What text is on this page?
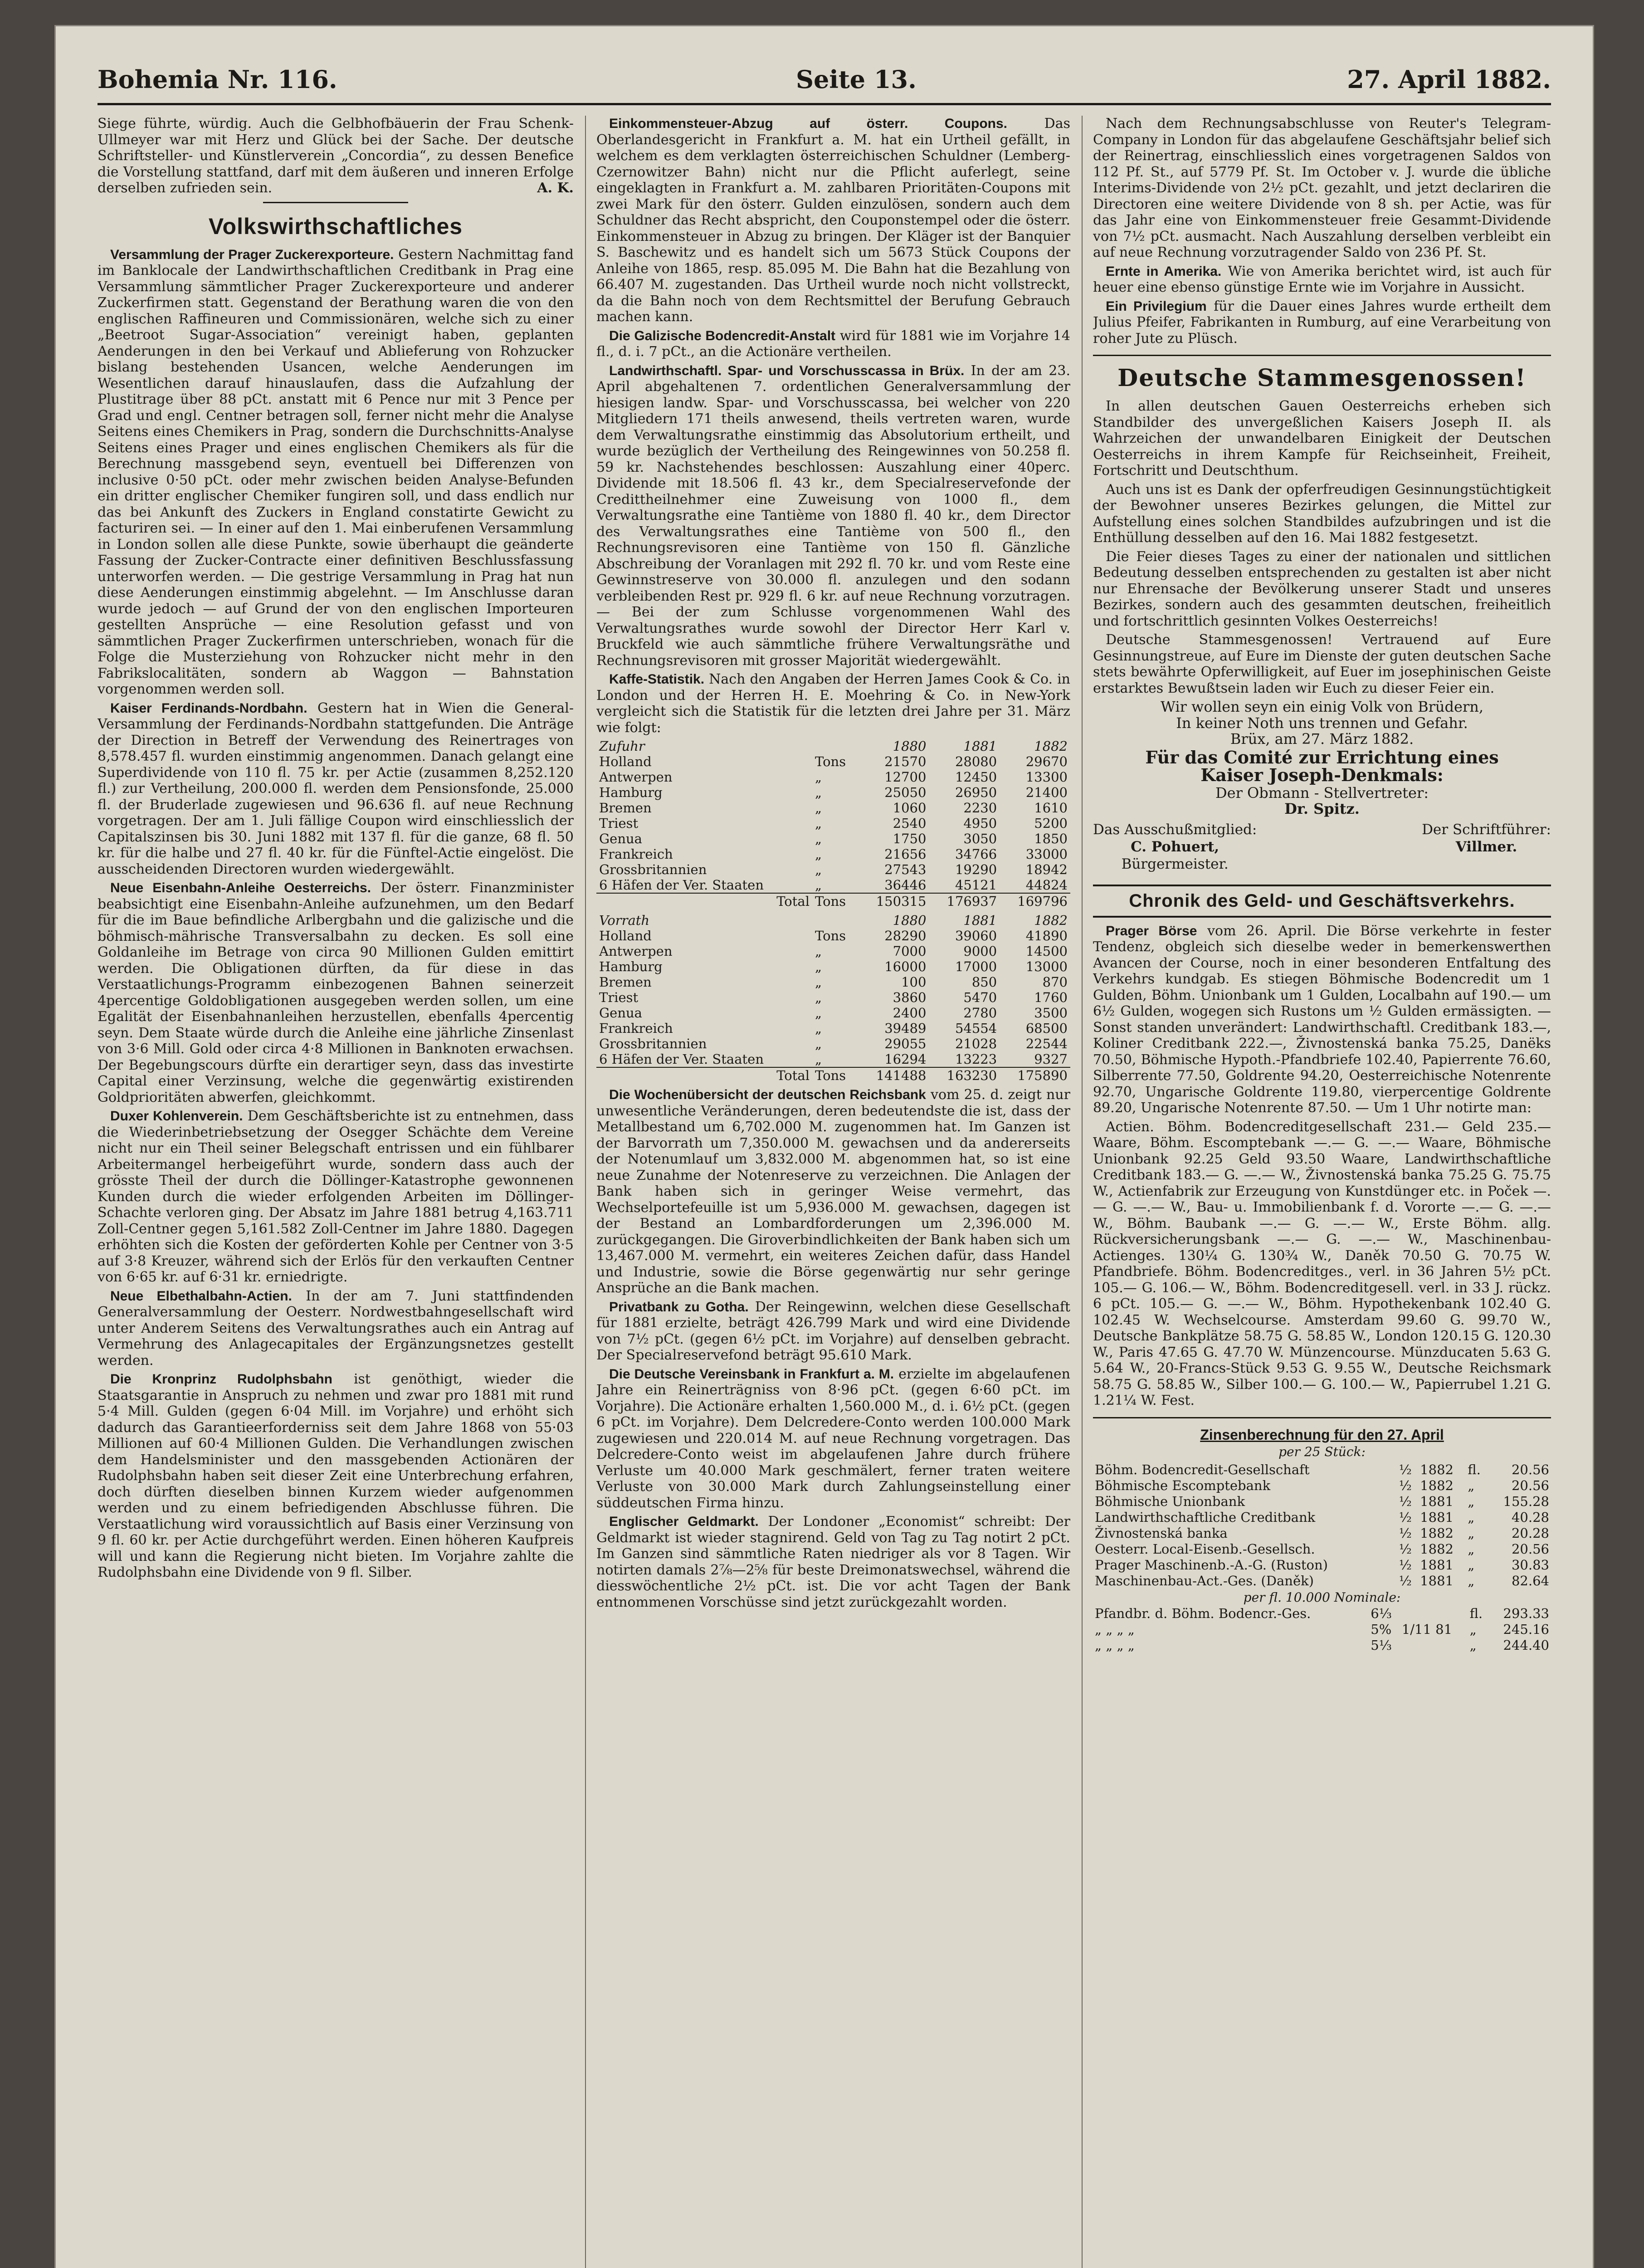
Bohemia Nr. 116.	Seite 13.	27. April 1882.

Siege führte, würdig. Auch die Gelbhofbäuerin der Frau Schenk-Ullmeyer war mit Herz und Glück bei der Sache. Der deutsche Schriftsteller- und Künstlerverein „Concordia“, zu dessen Benefice die Vorstellung stattfand, darf mit dem äußeren und inneren Erfolge derselben zufrieden sein.	A. K.

Volkswirthschaftliches

Versammlung der Prager Zuckerexporteure. Gestern Nachmittag fand im Banklocale der Landwirthschaftlichen Creditbank in Prag eine Versammlung sämmtlicher Prager Zuckerexporteure und anderer Zuckerfirmen statt. Gegenstand der Berathung waren die von den englischen Raffineuren und Commissionären, welche sich zu einer „Beetroot Sugar-Association“ vereinigt haben, geplanten Aenderungen in den bei Verkauf und Ablieferung von Rohzucker bislang bestehenden Usancen, welche Aenderungen im Wesentlichen darauf hinauslaufen, dass die Aufzahlung der Plustitrage über 88 pCt. anstatt mit 6 Pence nur mit 3 Pence per Grad und engl. Centner betragen soll, ferner nicht mehr die Analyse Seitens eines Chemikers in Prag, sondern die Durchschnitts-Analyse Seitens eines Prager und eines englischen Chemikers als für die Berechnung massgebend seyn, eventuell bei Differenzen von inclusive 0·50 pCt. oder mehr zwischen beiden Analyse-Befunden ein dritter englischer Chemiker fungiren soll, und dass endlich nur das bei Ankunft des Zuckers in England constatirte Gewicht zu facturiren sei. — In einer auf den 1. Mai einberufenen Versammlung in London sollen alle diese Punkte, sowie überhaupt die geänderte Fassung der Zucker-Contracte einer definitiven Beschlussfassung unterworfen werden. — Die gestrige Versammlung in Prag hat nun diese Aenderungen einstimmig abgelehnt. — Im Anschlusse daran wurde jedoch — auf Grund der von den englischen Importeuren gestellten Ansprüche — eine Resolution gefasst und von sämmtlichen Prager Zuckerfirmen unterschrieben, wonach für die Folge die Musterziehung von Rohzucker nicht mehr in den Fabrikslocalitäten, sondern ab Waggon — Bahnstation vorgenommen werden soll.

Kaiser Ferdinands-Nordbahn. Gestern hat in Wien die General-Versammlung der Ferdinands-Nordbahn stattgefunden. Die Anträge der Direction in Betreff der Verwendung des Reinertrages von 8,578.457 fl. wurden einstimmig angenommen. Danach gelangt eine Superdividende von 110 fl. 75 kr. per Actie (zusammen 8,252.120 fl.) zur Vertheilung, 200.000 fl. werden dem Pensionsfonde, 25.000 fl. der Bruderlade zugewiesen und 96.636 fl. auf neue Rechnung vorgetragen. Der am 1. Juli fällige Coupon wird einschliesslich der Capitalszinsen bis 30. Juni 1882 mit 137 fl. für die ganze, 68 fl. 50 kr. für die halbe und 27 fl. 40 kr. für die Fünftel-Actie eingelöst. Die ausscheidenden Directoren wurden wiedergewählt.

Neue Eisenbahn-Anleihe Oesterreichs. Der österr. Finanzminister beabsichtigt eine Eisenbahn-Anleihe aufzunehmen, um den Bedarf für die im Baue befindliche Arlbergbahn und die galizische und die böhmisch-mährische Transversalbahn zu decken. Es soll eine Goldanleihe im Betrage von circa 90 Millionen Gulden emittirt werden. Die Obligationen dürften, da für diese in das Verstaatlichungs-Programm einbezogenen Bahnen seinerzeit 4percentige Goldobligationen ausgegeben werden sollen, um eine Egalität der Eisenbahnanleihen herzustellen, ebenfalls 4percentig seyn. Dem Staate würde durch die Anleihe eine jährliche Zinsenlast von 3·6 Mill. Gold oder circa 4·8 Millionen in Banknoten erwachsen. Der Begebungscours dürfte ein derartiger seyn, dass das investirte Capital einer Verzinsung, welche die gegenwärtig existirenden Goldprioritäten abwerfen, gleichkommt.

Duxer Kohlenverein. Dem Geschäftsberichte ist zu entnehmen, dass die Wiederinbetriebsetzung der Osegger Schächte dem Vereine nicht nur ein Theil seiner Belegschaft entrissen und ein fühlbarer Arbeitermangel herbeigeführt wurde, sondern dass auch der grösste Theil der durch die Döllinger-Katastrophe gewonnenen Kunden durch die wieder erfolgenden Arbeiten im Döllinger-Schachte verloren ging. Der Absatz im Jahre 1881 betrug 4,163.711 Zoll-Centner gegen 5,161.582 Zoll-Centner im Jahre 1880. Dagegen erhöhten sich die Kosten der geförderten Kohle per Centner von 3·5 auf 3·8 Kreuzer, während sich der Erlös für den verkauften Centner von 6·65 kr. auf 6·31 kr. erniedrigte.

Neue Elbethalbahn-Actien. In der am 7. Juni stattfindenden Generalversammlung der Oesterr. Nordwestbahngesellschaft wird unter Anderem Seitens des Verwaltungsrathes auch ein Antrag auf Vermehrung des Anlagecapitales der Ergänzungsnetzes gestellt werden.

Die Kronprinz Rudolphsbahn ist genöthigt, wieder die Staatsgarantie in Anspruch zu nehmen und zwar pro 1881 mit rund 5·4 Mill. Gulden (gegen 6·04 Mill. im Vorjahre) und erhöht sich dadurch das Garantieerforderniss seit dem Jahre 1868 von 55·03 Millionen auf 60·4 Millionen Gulden. Die Verhandlungen zwischen dem Handelsminister und den massgebenden Actionären der Rudolphsbahn haben seit dieser Zeit eine Unterbrechung erfahren, doch dürften dieselben binnen Kurzem wieder aufgenommen werden und zu einem befriedigenden Abschlusse führen. Die Verstaatlichung wird voraussichtlich auf Basis einer Verzinsung von 9 fl. 60 kr. per Actie durchgeführt werden. Einen höheren Kaufpreis will und kann die Regierung nicht bieten. Im Vorjahre zahlte die Rudolphsbahn eine Dividende von 9 fl. Silber.

Einkommensteuer-Abzug auf österr. Coupons.	Das Oberlandesgericht in Frankfurt a. M. hat ein Urtheil gefällt, in welchem es dem verklagten österreichischen Schuldner (Lemberg-Czernowitzer Bahn) nicht nur die Pflicht auferlegt, seine eingeklagten in Frankfurt a. M. zahlbaren Prioritäten-Coupons mit zwei Mark für den österr. Gulden einzulösen, sondern auch dem Schuldner das Recht abspricht, den Couponstempel oder die österr. Einkommensteuer in Abzug zu bringen. Der Kläger ist der Banquier S. Baschewitz und es handelt sich um 5673 Stück Coupons der Anleihe von 1865, resp. 85.095 M. Die Bahn hat die Bezahlung von 66.407 M. zugestanden. Das Urtheil wurde noch nicht vollstreckt, da die Bahn noch von dem Rechtsmittel der Berufung Gebrauch machen kann.

Die Galizische Bodencredit-Anstalt wird für 1881 wie im Vorjahre 14 fl., d. i. 7 pCt., an die Actionäre vertheilen.

Landwirthschaftl. Spar- und Vorschusscassa in Brüx. In der am 23. April abgehaltenen 7. ordentlichen Generalversammlung der hiesigen landw. Spar- und Vorschusscassa, bei welcher von 220 Mitgliedern 171 theils anwesend, theils vertreten waren, wurde dem Verwaltungsrathe einstimmig das Absolutorium ertheilt, und wurde bezüglich der Vertheilung des Reingewinnes von 50.258 fl. 59 kr. Nachstehendes beschlossen: Auszahlung einer 40perc. Dividende mit 18.506 fl. 43 kr., dem Specialreservefonde der Credittheilnehmer eine Zuweisung von 1000 fl., dem Verwaltungsrathe eine Tantième von 1880 fl. 40 kr., dem Director des Verwaltungsrathes eine Tantième von 500 fl., den Rechnungsrevisoren eine Tantième von 150 fl. Gänzliche Abschreibung der Voranlagen mit 292 fl. 70 kr. und vom Reste eine Gewinnstreserve von 30.000 fl. anzulegen und den sodann verbleibenden Rest pr. 929 fl. 6 kr. auf neue Rechnung vorzutragen. — Bei der zum Schlusse vorgenommenen Wahl des Verwaltungsrathes wurde sowohl der Director Herr Karl v. Bruckfeld wie auch sämmtliche frühere Verwaltungsräthe und Rechnungsrevisoren mit grosser Majorität wiedergewählt.

Kaffe-Statistik. Nach den Angaben der Herren James Cook & Co. in London und der Herren H. E. Moehring & Co. in New-York vergleicht sich die Statistik für die letzten drei Jahre per 31. März wie folgt:

Zufuhr		1880	1881	1882
Holland	Tons	21570	28080	29670
Antwerpen	„	12700	12450	13300
Hamburg	„	25050	26950	21400
Bremen	„	1060	2230	1610
Triest	„	2540	4950	5200
Genua	„	1750	3050	1850
Frankreich	„	21656	34766	33000
Grossbritannien	„	27543	19290	18942
6 Häfen der Ver. Staaten	„	36446	45121	44824
Total	Tons	150315	176937	169796
Vorrath		1880	1881	1882
Holland	Tons	28290	39060	41890
Antwerpen	„	7000	9000	14500
Hamburg	„	16000	17000	13000
Bremen	„	100	850	870
Triest	„	3860	5470	1760
Genua	„	2400	2780	3500
Frankreich	„	39489	54554	68500
Grossbritannien	„	29055	21028	22544
6 Häfen der Ver. Staaten	„	16294	13223	9327
Total	Tons	141488	163230	175890

Die Wochenübersicht der deutschen Reichsbank vom 25. d. zeigt nur unwesentliche Veränderungen, deren bedeutendste die ist, dass der Metallbestand um 6,702.000 M. zugenommen hat. Im Ganzen ist der Barvorrath um 7,350.000 M. gewachsen und da andererseits der Notenumlauf um 3,832.000 M. abgenommen hat, so ist eine neue Zunahme der Notenreserve zu verzeichnen. Die Anlagen der Bank haben sich in geringer Weise vermehrt, das Wechselportefeuille ist um 5,936.000 M. gewachsen, dagegen ist der Bestand an Lombardforderungen um 2,396.000 M. zurückgegangen. Die Giroverbindlichkeiten der Bank haben sich um 13,467.000 M. vermehrt, ein weiteres Zeichen dafür, dass Handel und Industrie, sowie die Börse gegenwärtig nur sehr geringe Ansprüche an die Bank machen.

Privatbank zu Gotha. Der Reingewinn, welchen diese Gesellschaft für 1881 erzielte, beträgt 426.799 Mark und wird eine Dividende von 7½ pCt. (gegen 6½ pCt. im Vorjahre) auf denselben gebracht. Der Specialreservefond beträgt 95.610 Mark.

Die Deutsche Vereinsbank in Frankfurt a. M. erzielte im abgelaufenen Jahre ein Reinerträgniss von 8·96 pCt. (gegen 6·60 pCt. im Vorjahre). Die Actionäre erhalten 1,560.000 M., d. i. 6½ pCt. (gegen 6 pCt. im Vorjahre). Dem Delcredere-Conto werden 100.000 Mark zugewiesen und 220.014 M. auf neue Rechnung vorgetragen. Das Delcredere-Conto weist im abgelaufenen Jahre durch frühere Verluste um 40.000 Mark geschmälert, ferner traten weitere Verluste von 30.000 Mark durch Zahlungseinstellung einer süddeutschen Firma hinzu.

Englischer Geldmarkt. Der Londoner „Economist“ schreibt: Der Geldmarkt ist wieder stagnirend. Geld von Tag zu Tag notirt 2 pCt. Im Ganzen sind sämmtliche Raten niedriger als vor 8 Tagen. Wir notirten damals 2⅞—2⅝ für beste Dreimonatswechsel, während die diesswöchentliche 2½ pCt. ist. Die vor acht Tagen der Bank entnommenen Vorschüsse sind jetzt zurückgezahlt worden.

Nach dem Rechnungsabschlusse von Reuter's Telegram-Company in London für das abgelaufene Geschäftsjahr belief sich der Reinertrag, einschliesslich eines vorgetragenen Saldos von 112 Pf. St., auf 5779 Pf. St. Im October v. J. wurde die übliche Interims-Dividende von 2½ pCt. gezahlt, und jetzt declariren die Directoren eine weitere Dividende von 8 sh. per Actie, was für das Jahr eine von Einkommensteuer freie Gesammt-Dividende von 7½ pCt. ausmacht. Nach Auszahlung derselben verbleibt ein auf neue Rechnung vorzutragender Saldo von 236 Pf. St.

Ernte in Amerika. Wie von Amerika berichtet wird, ist auch für heuer eine ebenso günstige Ernte wie im Vorjahre in Aussicht.

Ein Privilegium für die Dauer eines Jahres wurde ertheilt dem Julius Pfeifer, Fabrikanten in Rumburg, auf eine Verarbeitung von roher Jute zu Plüsch.

Deutsche Stammesgenossen!

In allen deutschen Gauen Oesterreichs erheben sich Standbilder des unvergeßlichen Kaisers Joseph II. als Wahrzeichen der unwandelbaren Einigkeit der Deutschen Oesterreichs in ihrem Kampfe für Reichseinheit, Freiheit, Fortschritt und Deutschthum.

Auch uns ist es Dank der opferfreudigen Gesinnungstüchtigkeit der Bewohner unseres Bezirkes gelungen, die Mittel zur Aufstellung eines solchen Standbildes aufzubringen und ist die Enthüllung desselben auf den 16. Mai 1882 festgesetzt.

Die Feier dieses Tages zu einer der nationalen und sittlichen Bedeutung desselben entsprechenden zu gestalten ist aber nicht nur Ehrensache der Bevölkerung unserer Stadt und unseres Bezirkes, sondern auch des gesammten deutschen, freiheitlich und fortschrittlich gesinnten Volkes Oesterreichs!

Deutsche Stammesgenossen! Vertrauend auf Eure Gesinnungstreue, auf Eure im Dienste der guten deutschen Sache stets bewährte Opferwilligkeit, auf Euer im josephinischen Geiste erstarktes Bewußtsein laden wir Euch zu dieser Feier ein.

Wir wollen seyn ein einig Volk von Brüdern,

In keiner Noth uns trennen und Gefahr.

Brüx, am 27. März 1882.

Für das Comité zur Errichtung eines

Kaiser Joseph-Denkmals:

Der Obmann - Stellvertreter:

Dr. Spitz.

Das Ausschußmitglied:
C. Pohuert,
Bürgermeister.
Der Schriftführer:
Villmer.
Chronik des Geld- und Geschäftsverkehrs.

Prager Börse vom 26. April. Die Börse verkehrte in fester Tendenz, obgleich sich dieselbe weder in bemerkenswerthen Avancen der Course, noch in einer besonderen Entfaltung des Verkehrs kundgab. Es stiegen Böhmische Bodencredit um 1 Gulden, Böhm. Unionbank um 1 Gulden, Localbahn auf 190.— um 6½ Gulden, wogegen sich Rustons um ½ Gulden ermässigten. — Sonst standen unverändert: Landwirthschaftl. Creditbank 183.—, Koliner Creditbank 222.—, Živnostenská banka 75.25, Danëks 70.50, Böhmische Hypoth.-Pfandbriefe 102.40, Papierrente 76.60, Silberrente 77.50, Goldrente 94.20, Oesterreichische Notenrente 92.70, Ungarische Goldrente 119.80, vierpercentige Goldrente 89.20, Ungarische Notenrente 87.50. — Um 1 Uhr notirte man:

Actien. Böhm. Bodencreditgesellschaft 231.— Geld 235.— Waare, Böhm. Escomptebank —.— G. —.— Waare, Böhmische Unionbank 92.25 Geld 93.50 Waare, Landwirthschaftliche Creditbank 183.— G. —.— W., Živnostenská banka 75.25 G. 75.75 W., Actienfabrik zur Erzeugung von Kunstdünger etc. in Poček —.— G. —.— W., Bau- u. Immobilienbank f. d. Vororte —.— G. —.— W., Böhm. Baubank —.— G. —.— W., Erste Böhm. allg. Rückversicherungsbank —.— G. —.— W., Maschinenbau-Actienges. 130¼ G. 130¾ W., Daněk 70.50 G. 70.75 W. Pfandbriefe. Böhm. Bodencreditges., verl. in 36 Jahren 5½ pCt. 105.— G. 106.— W., Böhm. Bodencreditgesell. verl. in 33 J. rückz. 6 pCt. 105.— G. —.— W., Böhm. Hypothekenbank 102.40 G. 102.45 W. Wechselcourse. Amsterdam 99.60 G. 99.70 W., Deutsche Bankplätze 58.75 G. 58.85 W., London 120.15 G. 120.30 W., Paris 47.65 G. 47.70 W. Münzencourse. Münzducaten 5.63 G. 5.64 W., 20-Francs-Stück 9.53 G. 9.55 W., Deutsche Reichsmark 58.75 G. 58.85 W., Silber 100.— G. 100.— W., Papierrubel 1.21 G. 1.21¼ W. Fest.

Zinsenberechnung für den 27. April
per 25 Stück:
Böhm. Bodencredit-Gesellschaft	½	1882	fl.	20.56
Böhmische Escomptebank	½	1882	„	20.56
Böhmische Unionbank	½	1881	„	155.28
Landwirthschaftliche Creditbank	½	1881	„	40.28
Živnostenská banka	½	1882	„	20.28
Oesterr. Local-Eisenb.-Gesellsch.	½	1882	„	20.56
Prager Maschinenb.-A.-G. (Ruston)	½	1881	„	30.83
Maschinenbau-Act.-Ges. (Daněk)	½	1881	„	82.64
per fl. 10.000 Nominale:
Pfandbr. d. Böhm. Bodencr.-Ges.	6⅓		fl.	293.33
„ „ „ „	5%	1/11 81	„	245.16
„ „ „ „	5⅓		„	244.40
